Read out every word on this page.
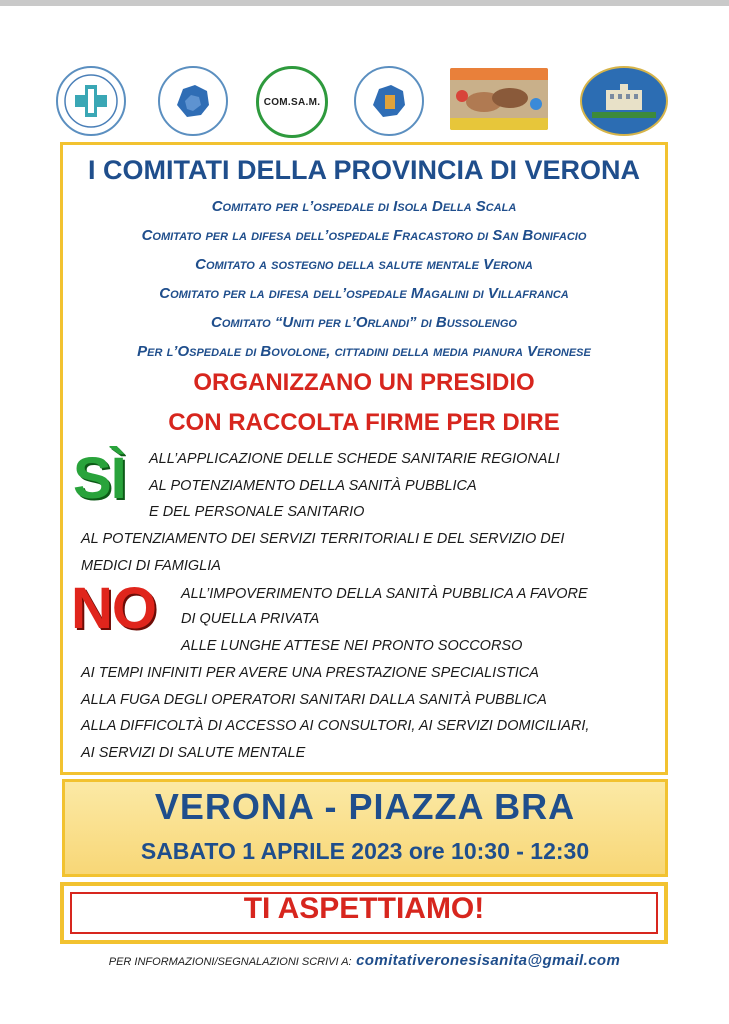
COM.SA.M.
I COMITATI DELLA PROVINCIA DI VERONA
Comitato per l’ospedale di Isola Della Scala
Comitato per la difesa dell’ospedale Fracastoro di San Bonifacio
Comitato a sostegno della salute mentale Verona
Comitato per la difesa dell’ospedale Magalini di Villafranca
Comitato “Uniti per l’Orlandi” di Bussolengo
Per l’Ospedale di Bovolone, cittadini della media pianura Veronese
ORGANIZZANO UN PRESIDIO
CON RACCOLTA FIRME PER DIRE
SÌ ALL’APPLICAZIONE DELLE SCHEDE SANITARIE REGIONALI
AL POTENZIAMENTO DELLA SANITÀ PUBBLICA
E DEL PERSONALE SANITARIO
AL POTENZIAMENTO DEI SERVIZI TERRITORIALI E DEL SERVIZIO DEI
MEDICI DI FAMIGLIA
NO ALL’IMPOVERIMENTO DELLA SANITÀ PUBBLICA A FAVORE
DI QUELLA PRIVATA
ALLE LUNGHE ATTESE NEI PRONTO SOCCORSO
AI TEMPI INFINITI PER AVERE UNA PRESTAZIONE SPECIALISTICA
ALLA FUGA DEGLI OPERATORI SANITARI DALLA SANITÀ PUBBLICA
ALLA DIFFICOLTÀ DI ACCESSO AI CONSULTORI, AI SERVIZI DOMICILIARI,
AI SERVIZI DI SALUTE MENTALE
VERONA - PIAZZA BRA
SABATO 1 APRILE 2023 ore 10:30 - 12:30
TI ASPETTIAMO!
PER INFORMAZIONI/SEGNALAZIONI SCRIVI A: comitativeronesisanita@gmail.com
